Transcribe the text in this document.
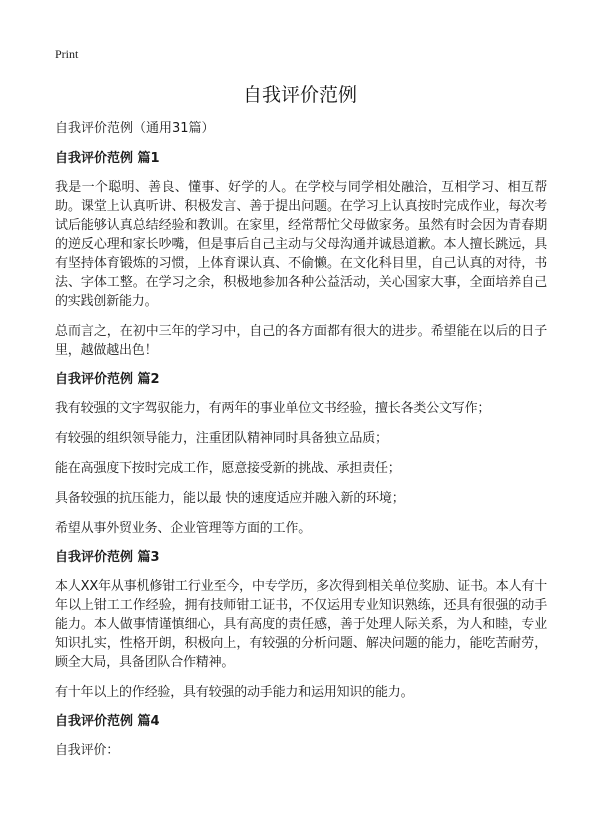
Print
自我评价范例

自我评价范例（通用31篇）

自我评价范例 篇1

我是一个聪明、善良、懂事、好学的人。在学校与同学相处融洽，互相学习、相互帮助。课堂上认真听讲、积极发言、善于提出问题。在学习上认真按时完成作业，每次考试后能够认真总结经验和教训。在家里，经常帮忙父母做家务。虽然有时会因为青春期的逆反心理和家长吵嘴，但是事后自己主动与父母沟通并诚恳道歉。本人擅长跳远，具有坚持体育锻炼的习惯，上体育课认真、不偷懒。在文化科目里，自己认真的对待，书法、字体工整。在学习之余，积极地参加各种公益活动，关心国家大事，全面培养自己的实践创新能力。

总而言之，在初中三年的学习中，自己的各方面都有很大的进步。希望能在以后的日子里，越做越出色！

自我评价范例 篇2

我有较强的文字驾驭能力，有两年的事业单位文书经验，擅长各类公文写作；

有较强的组织领导能力，注重团队精神同时具备独立品质；

能在高强度下按时完成工作，愿意接受新的挑战、承担责任；

具备较强的抗压能力，能以最 快的速度适应并融入新的环境；

希望从事外贸业务、企业管理等方面的工作。

自我评价范例 篇3

本人XX年从事机修钳工行业至今，中专学历，多次得到相关单位奖励、证书。本人有十年以上钳工工作经验，拥有技师钳工证书，不仅运用专业知识熟练，还具有很强的动手能力。本人做事情谨慎细心，具有高度的责任感，善于处理人际关系，为人和睦，专业知识扎实，性格开朗，积极向上，有较强的分析问题、解决问题的能力，能吃苦耐劳，顾全大局，具备团队合作精神。

有十年以上的作经验，具有较强的动手能力和运用知识的能力。

自我评价范例 篇4

自我评价：
